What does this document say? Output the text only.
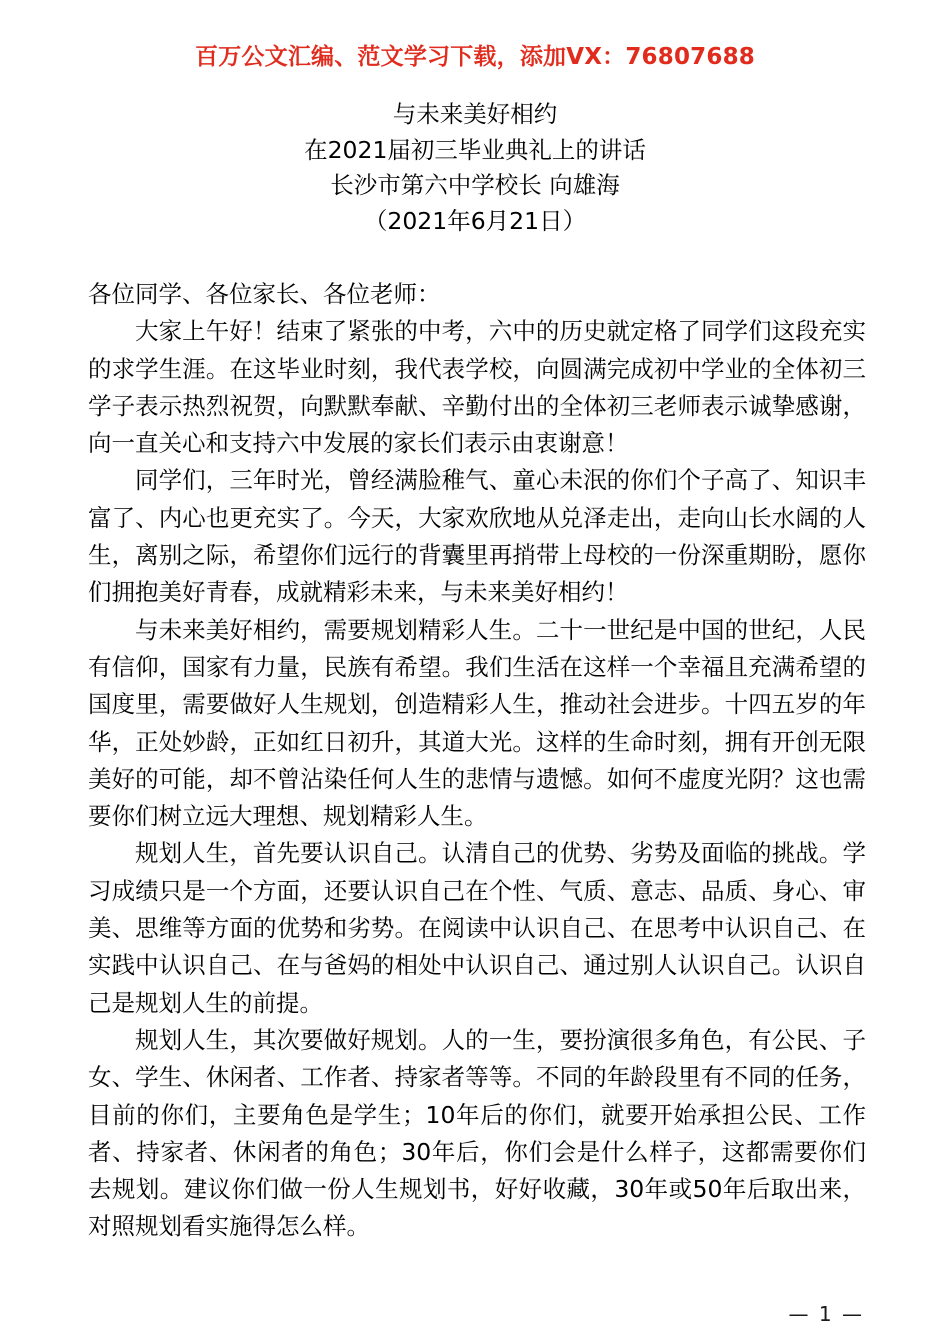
百万公文汇编、范文学习下载，添加VX：76807688
与未来美好相约
在2021届初三毕业典礼上的讲话
长沙市第六中学校长 向雄海
（2021年6月21日）

各位同学、各位家长、各位老师：

大家上午好！结束了紧张的中考，六中的历史就定格了同学们这段充实的求学生涯。在这毕业时刻，我代表学校，向圆满完成初中学业的全体初三学子表示热烈祝贺，向默默奉献、辛勤付出的全体初三老师表示诚挚感谢，向一直关心和支持六中发展的家长们表示由衷谢意！

同学们，三年时光，曾经满脸稚气、童心未泯的你们个子高了、知识丰富了、内心也更充实了。今天，大家欢欣地从兑泽走出，走向山长水阔的人生，离别之际，希望你们远行的背囊里再捎带上母校的一份深重期盼，愿你们拥抱美好青春，成就精彩未来，与未来美好相约！

与未来美好相约，需要规划精彩人生。二十一世纪是中国的世纪，人民有信仰，国家有力量，民族有希望。我们生活在这样一个幸福且充满希望的国度里，需要做好人生规划，创造精彩人生，推动社会进步。十四五岁的年华，正处妙龄，正如红日初升，其道大光。这样的生命时刻，拥有开创无限美好的可能，却不曾沾染任何人生的悲情与遗憾。如何不虚度光阴？这也需要你们树立远大理想、规划精彩人生。

规划人生，首先要认识自己。认清自己的优势、劣势及面临的挑战。学习成绩只是一个方面，还要认识自己在个性、气质、意志、品质、身心、审美、思维等方面的优势和劣势。在阅读中认识自己、在思考中认识自己、在实践中认识自己、在与爸妈的相处中认识自己、通过别人认识自己。认识自己是规划人生的前提。

规划人生，其次要做好规划。人的一生，要扮演很多角色，有公民、子女、学生、休闲者、工作者、持家者等等。不同的年龄段里有不同的任务，目前的你们，主要角色是学生；10年后的你们，就要开始承担公民、工作者、持家者、休闲者的角色；30年后，你们会是什么样子，这都需要你们去规划。建议你们做一份人生规划书，好好收藏，30年或50年后取出来，对照规划看实施得怎么样。

— 1 —
